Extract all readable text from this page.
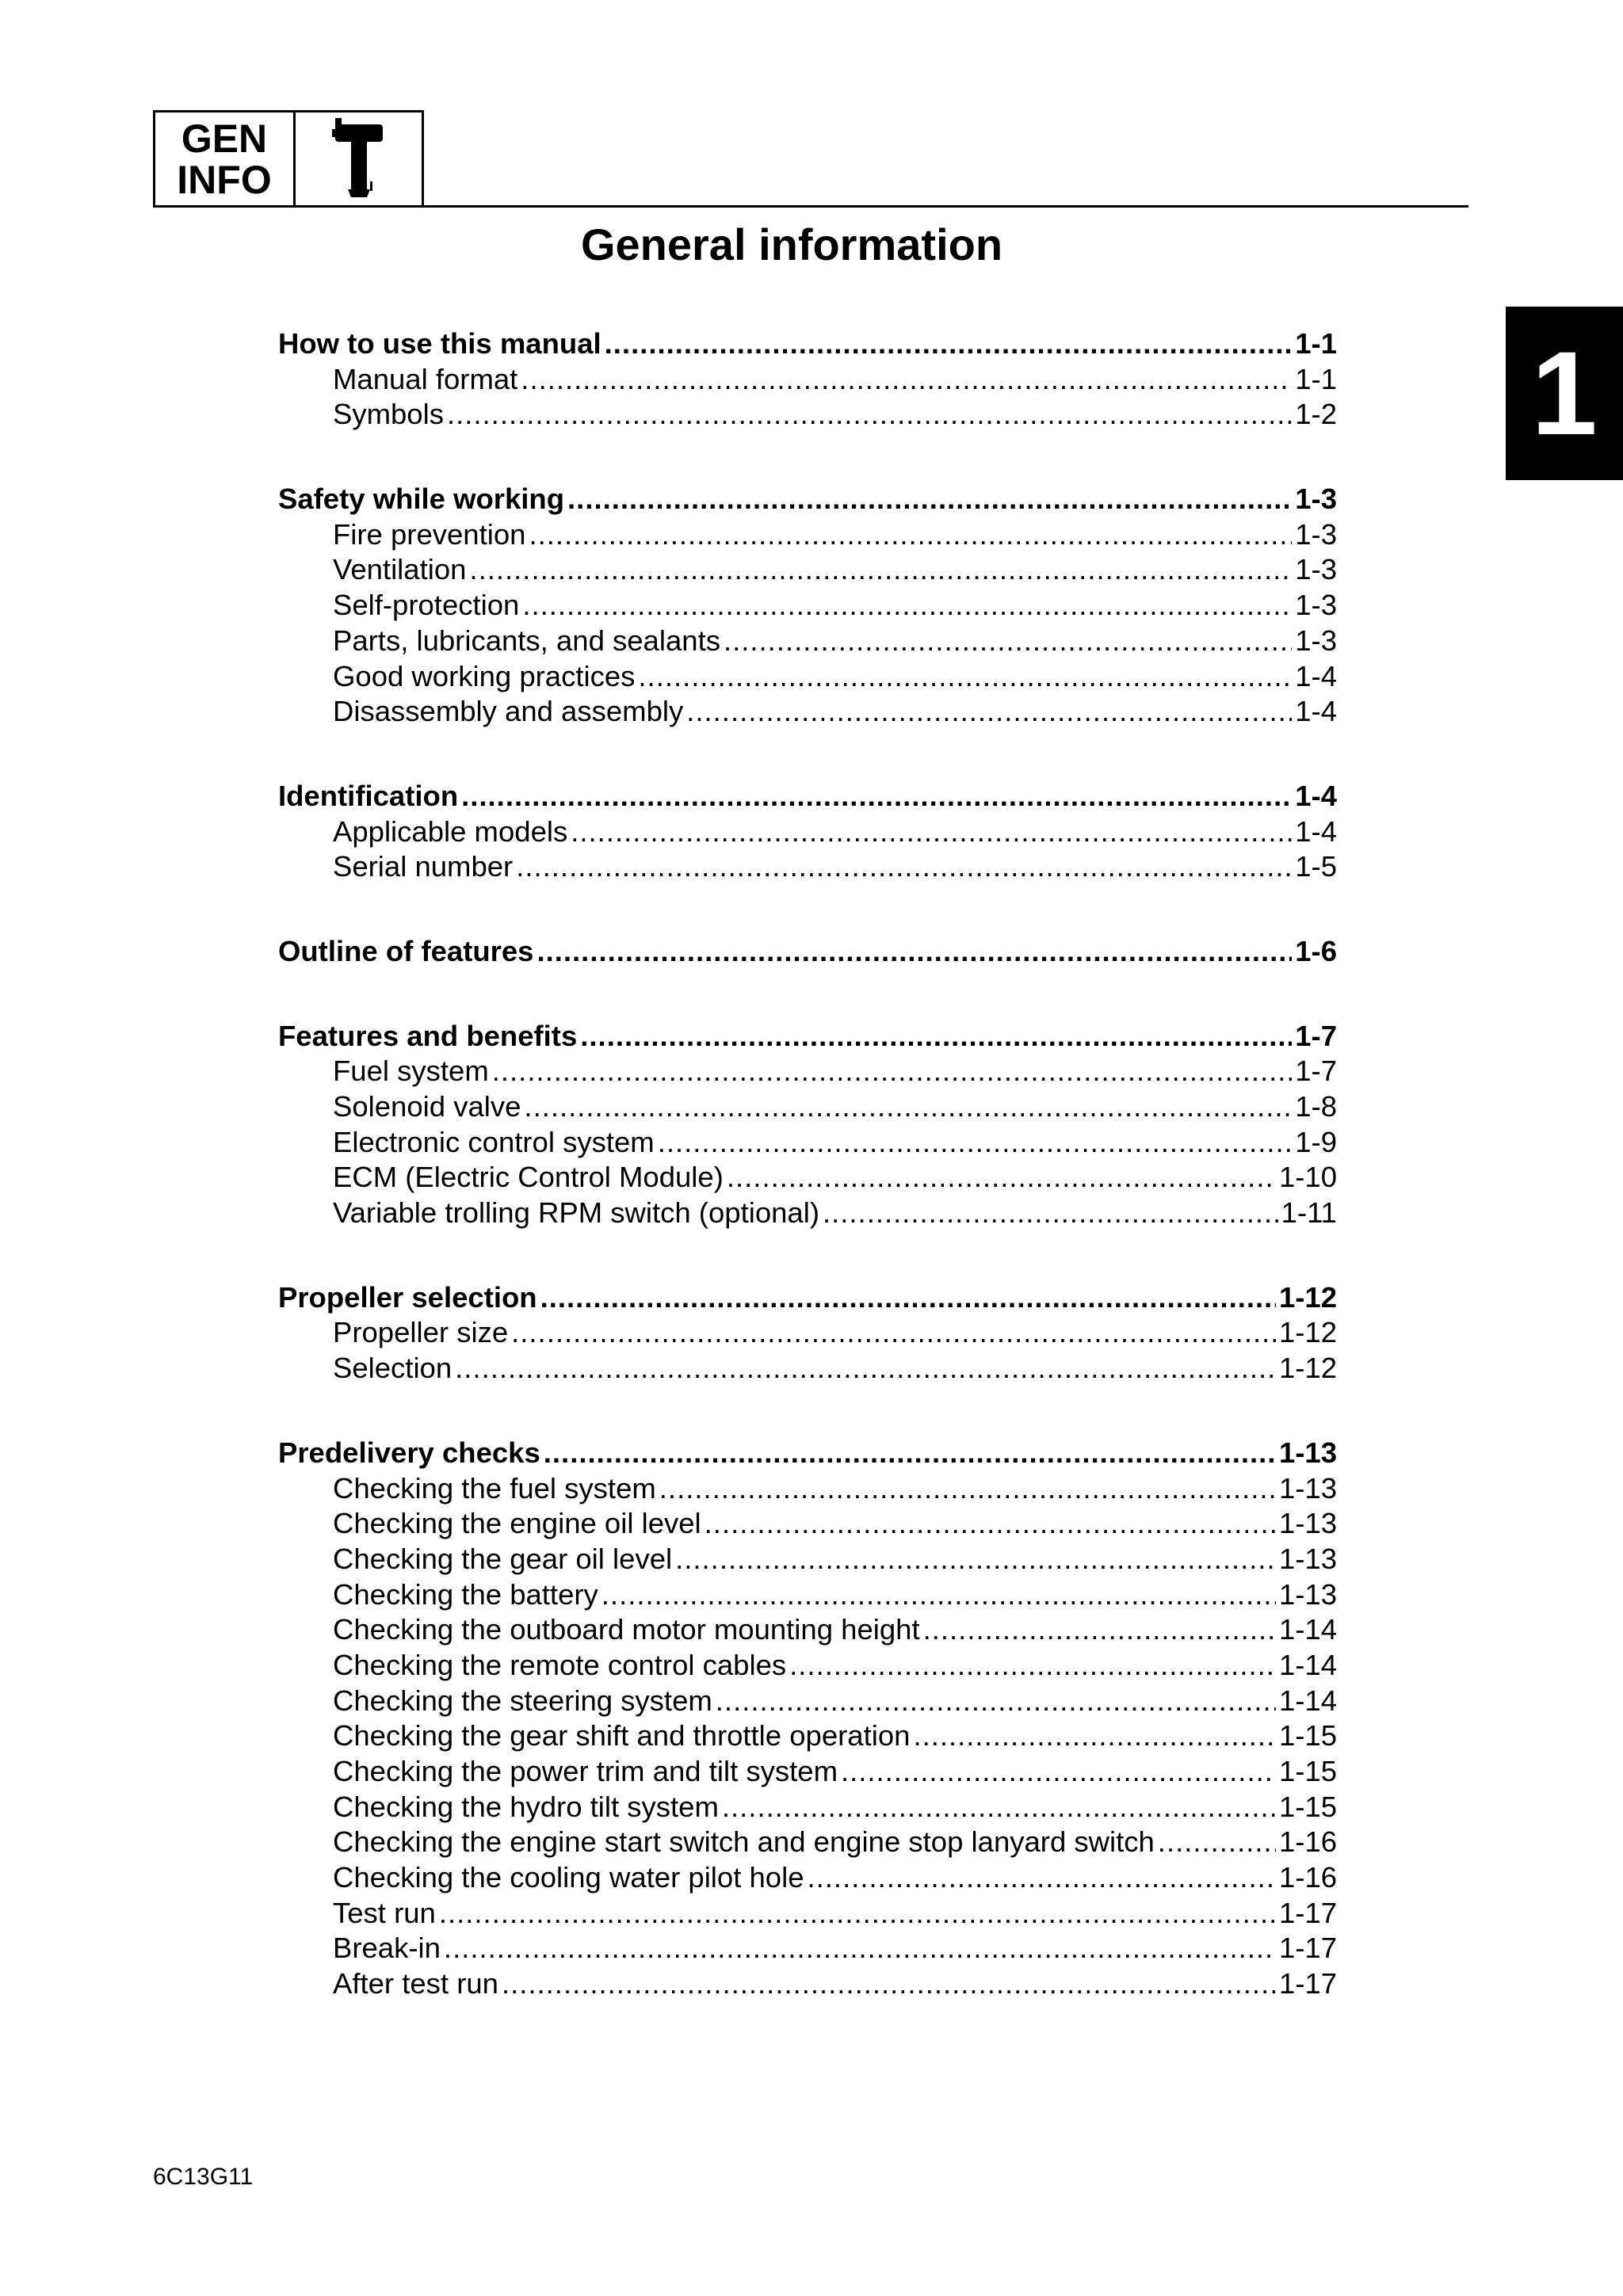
GEN
INFO
General information
1
How to use this manual .....	1-1
Manual format .....	1-1
Symbols .....	1-2
Safety while working .....	1-3
Fire prevention .....	1-3
Ventilation .....	1-3
Self-protection .....	1-3
Parts, lubricants, and sealants .....	1-3
Good working practices .....	1-4
Disassembly and assembly .....	1-4
Identification .....	1-4
Applicable models .....	1-4
Serial number .....	1-5
Outline of features .....	1-6
Features and benefits .....	1-7
Fuel system .....	1-7
Solenoid valve .....	1-8
Electronic control system .....	1-9
ECM (Electric Control Module) .....	1-10
Variable trolling RPM switch (optional) .....	1-11
Propeller selection .....	1-12
Propeller size .....	1-12
Selection .....	1-12
Predelivery checks .....	1-13
Checking the fuel system .....	1-13
Checking the engine oil level .....	1-13
Checking the gear oil level .....	1-13
Checking the battery .....	1-13
Checking the outboard motor mounting height .....	1-14
Checking the remote control cables .....	1-14
Checking the steering system .....	1-14
Checking the gear shift and throttle operation .....	1-15
Checking the power trim and tilt system .....	1-15
Checking the hydro tilt system .....	1-15
Checking the engine start switch and engine stop lanyard switch .....	1-16
Checking the cooling water pilot hole .....	1-16
Test run .....	1-17
Break-in .....	1-17
After test run .....	1-17
6C13G11
